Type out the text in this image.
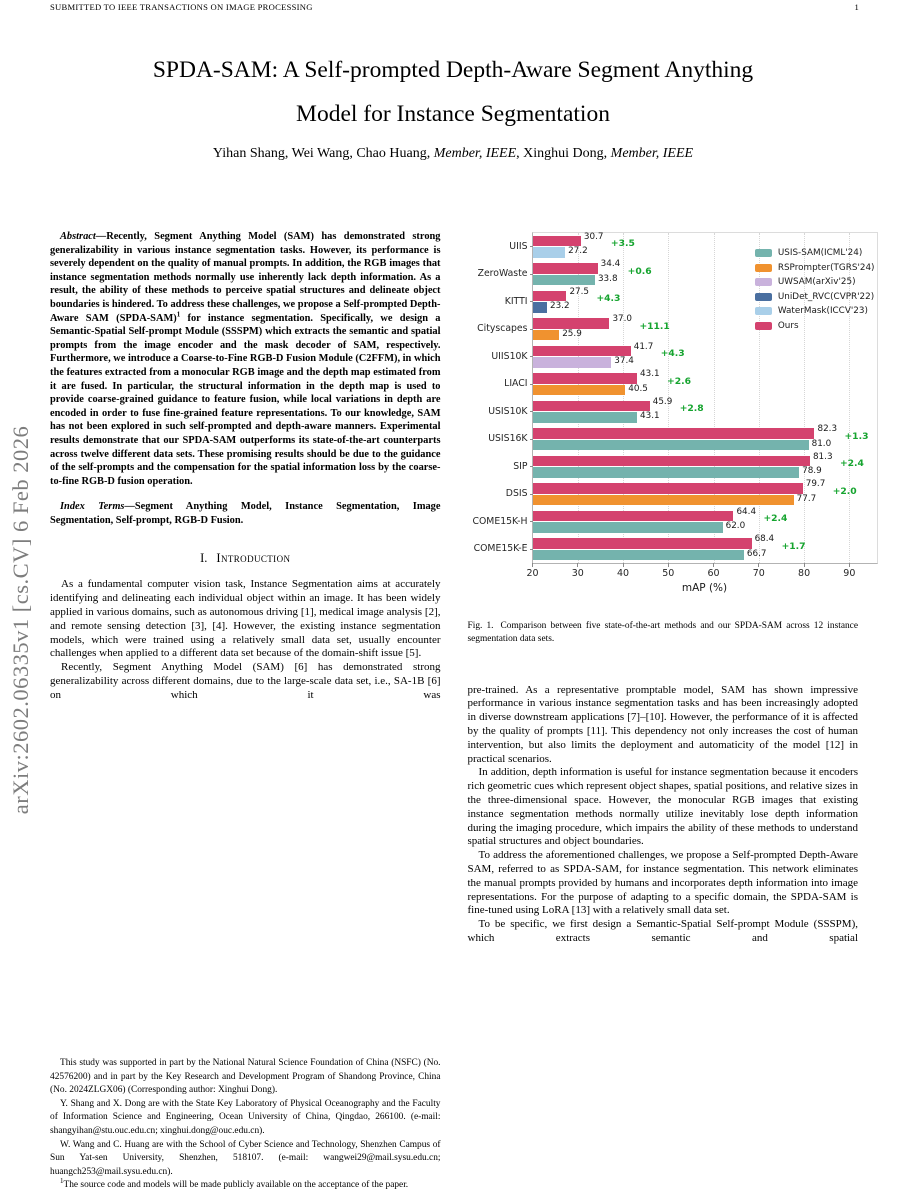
SUBMITTED TO IEEE TRANSACTIONS ON IMAGE PROCESSING	1
arXiv:2602.06335v1 [cs.CV] 6 Feb 2026
SPDA-SAM: A Self-prompted Depth-Aware Segment Anything
Model for Instance Segmentation
Yihan Shang, Wei Wang, Chao Huang, Member, IEEE, Xinghui Dong, Member, IEEE

Abstract—Recently, Segment Anything Model (SAM) has demonstrated strong generalizability in various instance segmentation tasks. However, its performance is severely dependent on the quality of manual prompts. In addition, the RGB images that instance segmentation methods normally use inherently lack depth information. As a result, the ability of these methods to perceive spatial structures and delineate object boundaries is hindered. To address these challenges, we propose a Self-prompted Depth-Aware SAM (SPDA-SAM)$^1$ for instance segmentation. Specifically, we design a Semantic-Spatial Self-prompt Module (SSSPM) which extracts the semantic and spatial prompts from the image encoder and the mask decoder of SAM, respectively. Furthermore, we introduce a Coarse-to-Fine RGB-D Fusion Module (C2FFM), in which the features extracted from a monocular RGB image and the depth map estimated from it are fused. In particular, the structural information in the depth map is used to provide coarse-grained guidance to feature fusion, while local variations in depth are encoded in order to fuse fine-grained feature representations. To our knowledge, SAM has not been explored in such self-prompted and depth-aware manners. Experimental results demonstrate that our SPDA-SAM outperforms its state-of-the-art counterparts across twelve different data sets. These promising results should be due to the guidance of the self-prompts and the compensation for the spatial information loss by the coarse-to-fine RGB-D fusion operation.

Index Terms—Segment Anything Model, Instance Segmentation, Image Segmentation, Self-prompt, RGB-D Fusion.

I. Introduction

As a fundamental computer vision task, Instance Segmentation aims at accurately identifying and delineating each individual object within an image. It has been widely applied in various domains, such as autonomous driving [1], medical image analysis [2], and remote sensing detection [3], [4]. However, the existing instance segmentation models, which were trained using a relatively small data set, usually encounter challenges when applied to a different data set because of the domain-shift issue [5].

Recently, Segment Anything Model (SAM) [6] has demonstrated strong generalizability across different domains, due to the large-scale data set, i.e., SA-1B [6] on which it was

This study was supported in part by the National Natural Science Foundation of China (NSFC) (No. 42576200) and in part by the Key Research and Development Program of Shandong Province, China (No. 2024ZLGX06) (Corresponding author: Xinghui Dong).

Y. Shang and X. Dong are with the State Key Laboratory of Physical Oceanography and the Faculty of Information Science and Engineering, Ocean University of China, Qingdao, 266100. (e-mail: shangyihan@stu.ouc.edu.cn; xinghui.dong@ouc.edu.cn).

W. Wang and C. Huang are with the School of Cyber Science and Technology, Shenzhen Campus of Sun Yat-sen University, Shenzhen, 518107. (e-mail: wangwei29@mail.sysu.edu.cn; huangch253@mail.sysu.edu.cn).

$^1$The source code and models will be made publicly available on the acceptance of the paper.

20	30	40	50	60	70	80	90
mAP (%)
UIIS
30.7
+3.5
27.2
ZeroWaste
34.4
+0.6
33.8
KITTI
27.5
+4.3
23.2
Cityscapes
37.0
+11.1
25.9
UIIS10K
41.7
+4.3
37.4
LIACI
43.1
+2.6
40.5
USIS10K
45.9
+2.8
43.1
USIS16K
82.3
+1.3
81.0
SIP
81.3
+2.4
78.9
DSIS
79.7
+2.0
77.7
COME15K-H
64.4
+2.4
62.0
COME15K-E
68.4
+1.7
66.7
USIS-SAM(ICML'24)
RSPrompter(TGRS'24)
UWSAM(arXiv'25)
UniDet_RVC(CVPR'22)
WaterMask(ICCV'23)
Ours

Fig. 1. Comparison between five state-of-the-art methods and our SPDA-SAM across 12 instance segmentation data sets.

pre-trained. As a representative promptable model, SAM has shown impressive performance in various instance segmentation tasks and has been increasingly adopted in diverse downstream applications [7]–[10]. However, the performance of it is affected by the quality of prompts [11]. This dependency not only increases the cost of human intervention, but also limits the deployment and automaticity of the model [12] in practical scenarios.

In addition, depth information is useful for instance segmentation because it encoders rich geometric cues which represent object shapes, spatial positions, and relative sizes in the three-dimensional space. However, the monocular RGB images that existing instance segmentation methods normally utilize inevitably lose depth information during the imaging procedure, which impairs the ability of these methods to understand spatial structures and object boundaries.

To address the aforementioned challenges, we propose a Self-prompted Depth-Aware SAM, referred to as SPDA-SAM, for instance segmentation. This network eliminates the manual prompts provided by humans and incorporates depth information into image representations. For the purpose of adapting to a specific domain, the SPDA-SAM is fine-tuned using LoRA [13] with a relatively small data set.

To be specific, we first design a Semantic-Spatial Self-prompt Module (SSSPM), which extracts semantic and spatial
